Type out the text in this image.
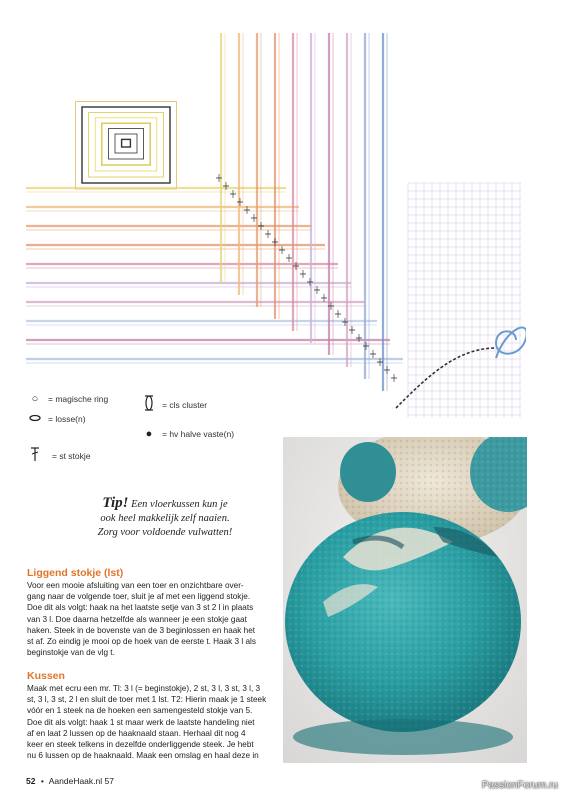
○	= magische ring
= losse(n)
= st stokje
= cls cluster
●	= hv halve vaste(n)
Tip! Een vloerkussen kun je
ook heel makkelijk zelf naaien.
Zorg voor voldoende vulwatten!
Liggend stokje (lst)
Voor een mooie afsluiting van een toer en onzichtbare over-
gang naar de volgende toer, sluit je af met een liggend stokje.
Doe dit als volgt: haak na het laatste setje van 3 st 2 l in plaats
van 3 l. Doe daarna hetzelfde als wanneer je een stokje gaat
haken. Steek in de bovenste van de 3 beginlossen en haak het
st af. Zo eindig je mooi op de hoek van de eerste t. Haak 3 l als
beginstokje van de vlg t.
Kussen
Maak met ecru een mr. Tl: 3 l (= beginstokje), 2 st, 3 l, 3 st, 3 l, 3
st, 3 l, 3 st, 2 l en sluit de toer met 1 lst. T2: Hierin maak je 1 steek
vóór en 1 steek na de hoeken een samengesteld stokje van 5.
Doe dit als volgt: haak 1 st maar werk de laatste handeling niet
af en laat 2 lussen op de haaknaald staan. Herhaal dit nog 4
keer en steek telkens in dezelfde onderliggende steek. Je hebt
nu 6 lussen op de haaknaald. Maak een omslag en haal deze in
52 • AandeHaak.nl 57	PassionForum.ru
